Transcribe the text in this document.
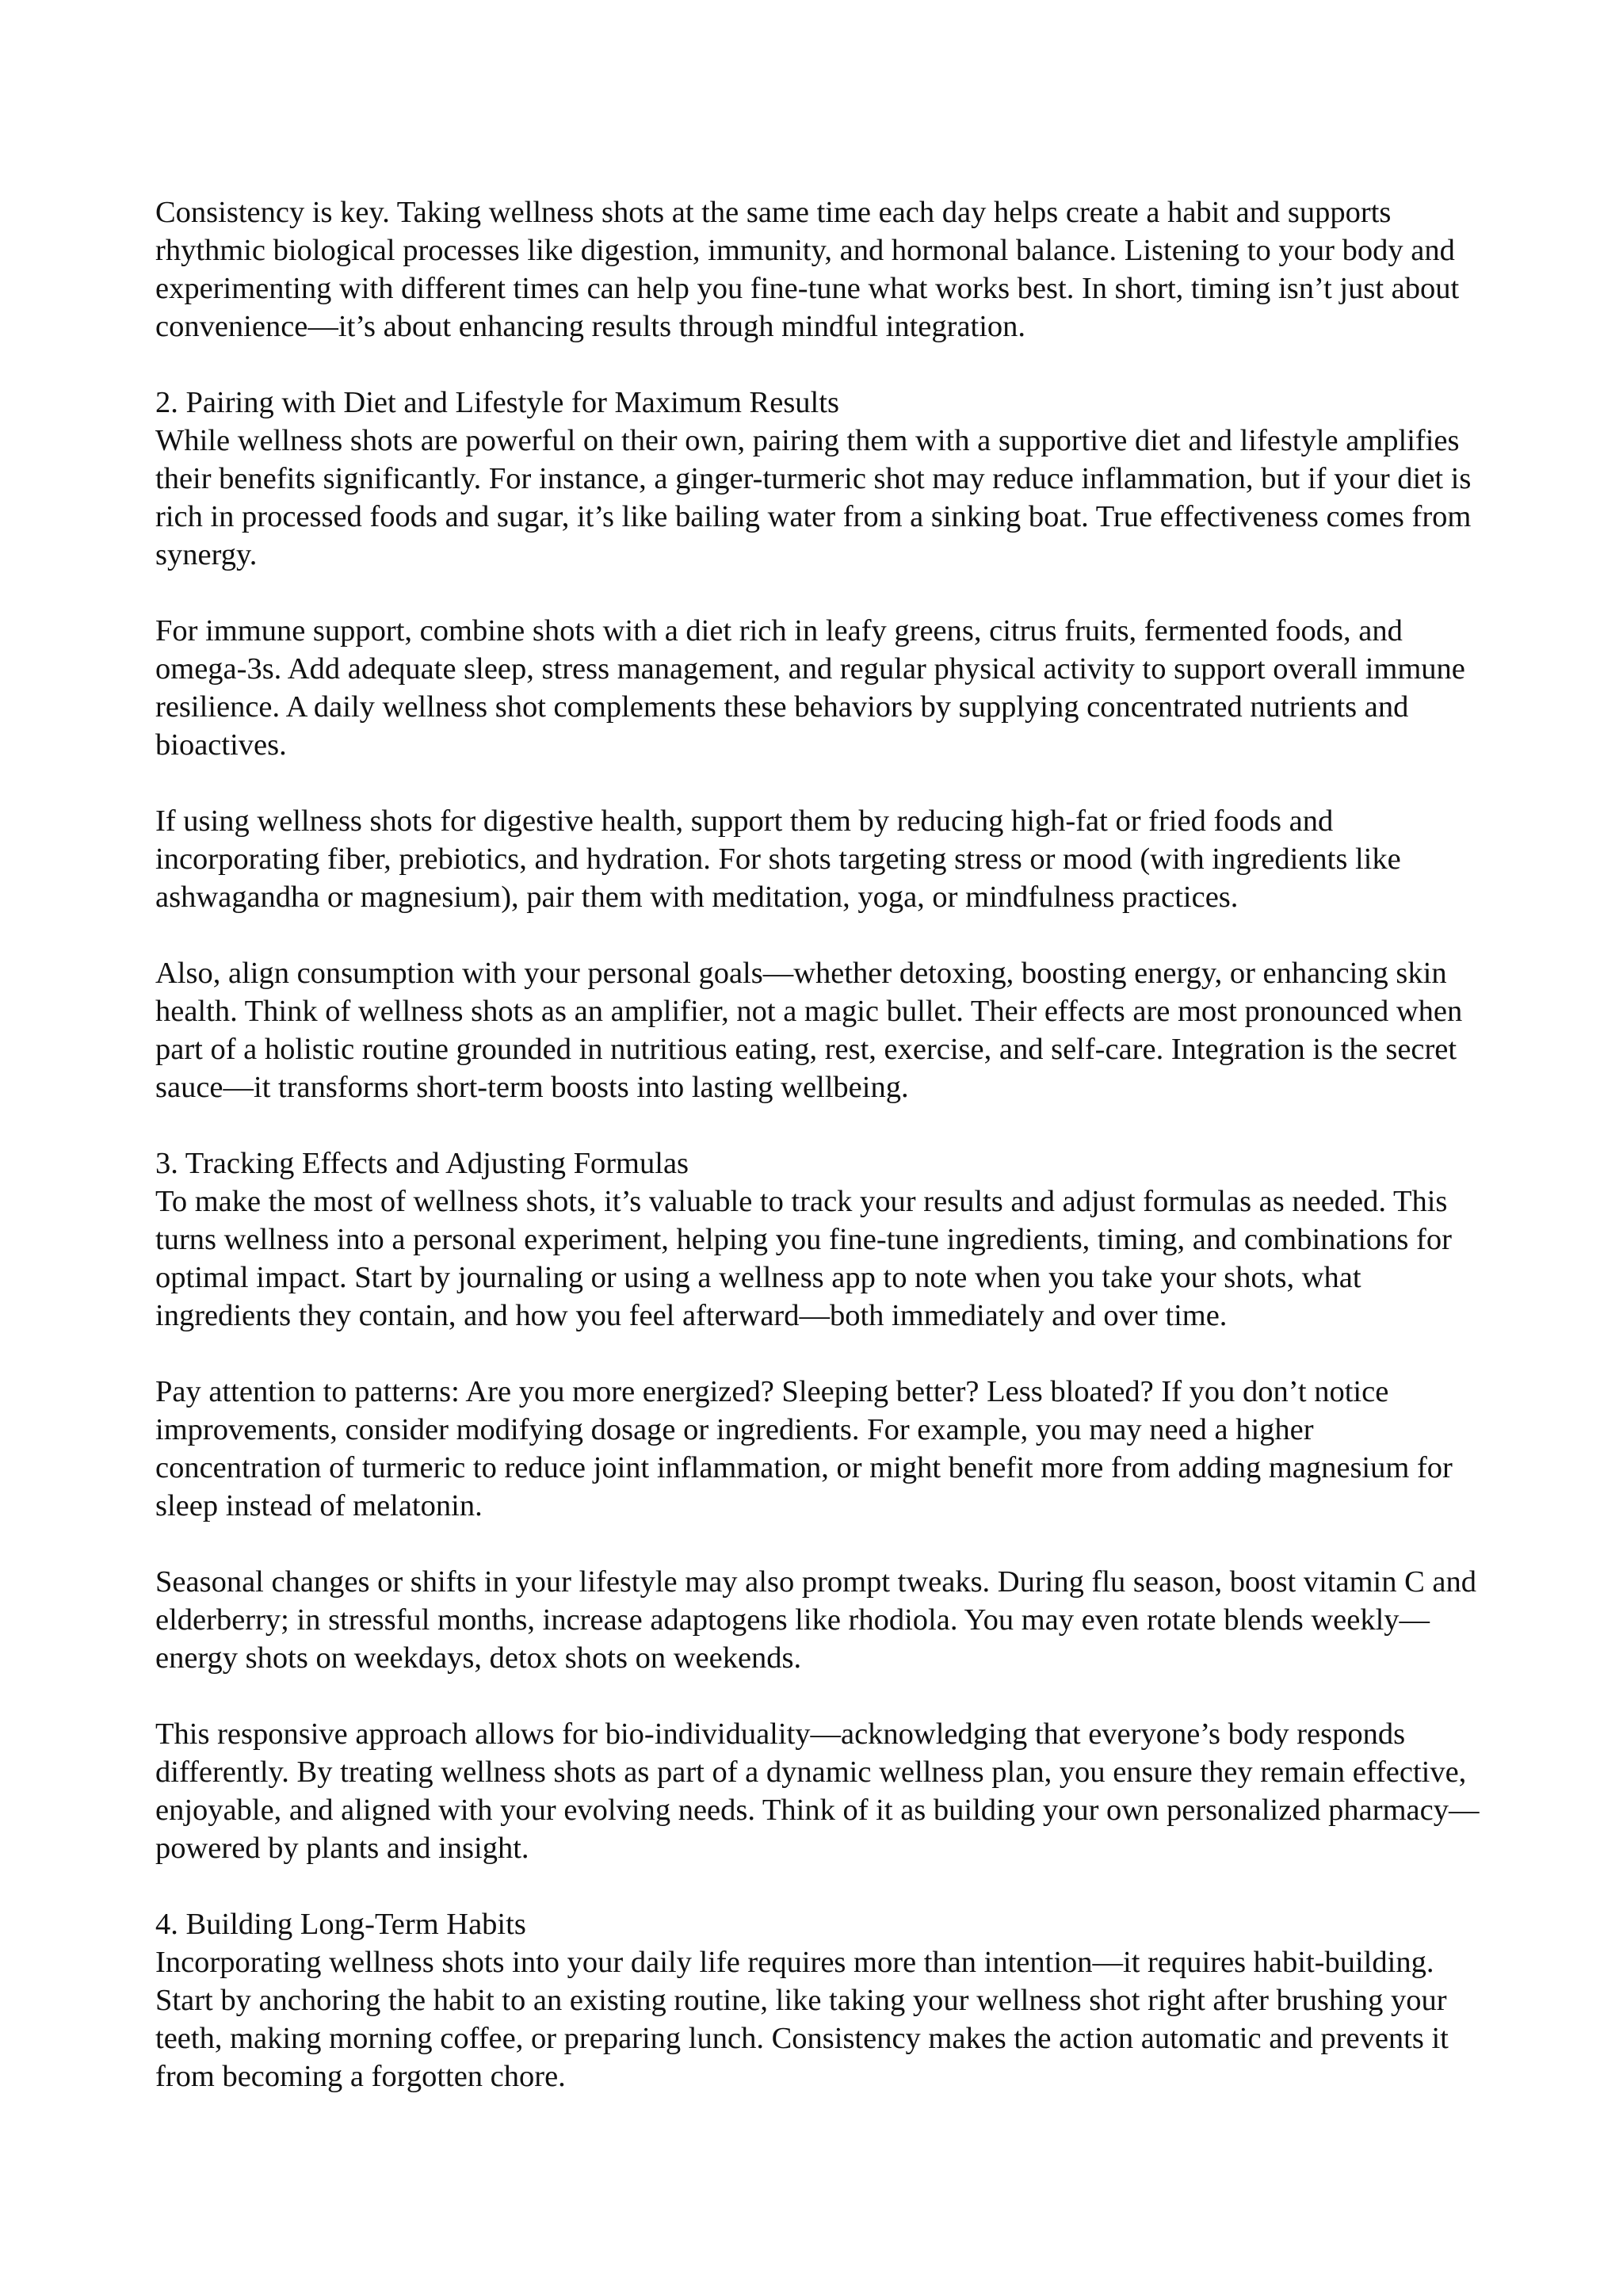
Consistency is key. Taking wellness shots at the same time each day helps create a habit and supports rhythmic biological processes like digestion, immunity, and hormonal balance. Listening to your body and experimenting with different times can help you fine-tune what works best. In short, timing isn’t just about convenience—it’s about enhancing results through mindful integration.

2. Pairing with Diet and Lifestyle for Maximum Results

While wellness shots are powerful on their own, pairing them with a supportive diet and lifestyle amplifies their benefits significantly. For instance, a ginger-turmeric shot may reduce inflammation, but if your diet is rich in processed foods and sugar, it’s like bailing water from a sinking boat. True effectiveness comes from synergy.

For immune support, combine shots with a diet rich in leafy greens, citrus fruits, fermented foods, and omega-3s. Add adequate sleep, stress management, and regular physical activity to support overall immune resilience. A daily wellness shot complements these behaviors by supplying concentrated nutrients and bioactives.

If using wellness shots for digestive health, support them by reducing high-fat or fried foods and incorporating fiber, prebiotics, and hydration. For shots targeting stress or mood (with ingredients like ashwagandha or magnesium), pair them with meditation, yoga, or mindfulness practices.

Also, align consumption with your personal goals—whether detoxing, boosting energy, or enhancing skin health. Think of wellness shots as an amplifier, not a magic bullet. Their effects are most pronounced when part of a holistic routine grounded in nutritious eating, rest, exercise, and self-care. Integration is the secret sauce—it transforms short-term boosts into lasting wellbeing.

3. Tracking Effects and Adjusting Formulas

To make the most of wellness shots, it’s valuable to track your results and adjust formulas as needed. This turns wellness into a personal experiment, helping you fine-tune ingredients, timing, and combinations for optimal impact. Start by journaling or using a wellness app to note when you take your shots, what ingredients they contain, and how you feel afterward—both immediately and over time.

Pay attention to patterns: Are you more energized? Sleeping better? Less bloated? If you don’t notice improvements, consider modifying dosage or ingredients. For example, you may need a higher concentration of turmeric to reduce joint inflammation, or might benefit more from adding magnesium for sleep instead of melatonin.

Seasonal changes or shifts in your lifestyle may also prompt tweaks. During flu season, boost vitamin C and elderberry; in stressful months, increase adaptogens like rhodiola. You may even rotate blends weekly—energy shots on weekdays, detox shots on weekends.

This responsive approach allows for bio-individuality—acknowledging that everyone’s body responds differently. By treating wellness shots as part of a dynamic wellness plan, you ensure they remain effective, enjoyable, and aligned with your evolving needs. Think of it as building your own personalized pharmacy—powered by plants and insight.

4. Building Long-Term Habits

Incorporating wellness shots into your daily life requires more than intention—it requires habit-building. Start by anchoring the habit to an existing routine, like taking your wellness shot right after brushing your teeth, making morning coffee, or preparing lunch. Consistency makes the action automatic and prevents it from becoming a forgotten chore.
